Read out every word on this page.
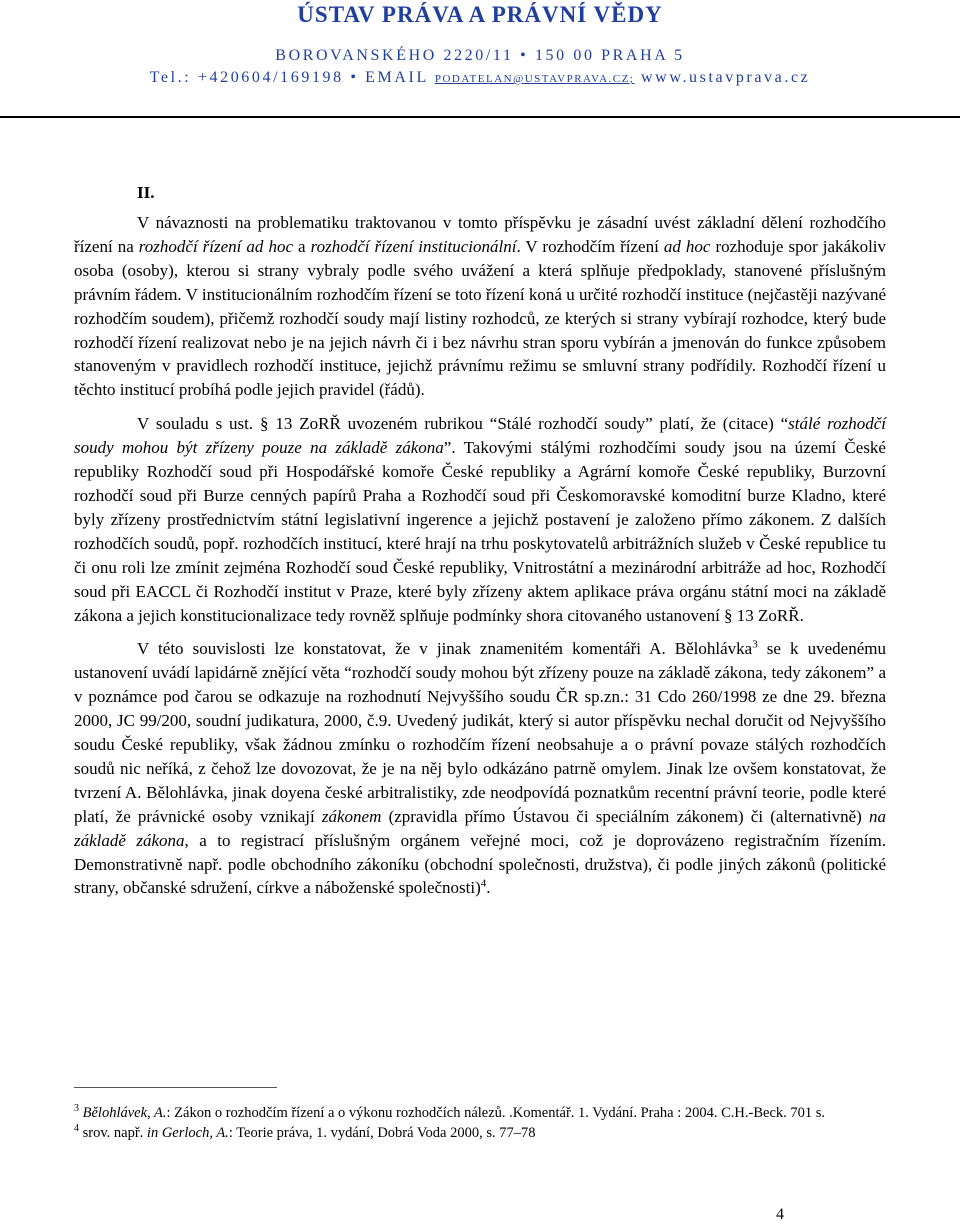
ÚSTAV PRÁVA A PRÁVNÍ VĚDY
BOROVANSKÉHO 2220/11 • 150 00 PRAHA 5
Tel.: +420604/169198 • EMAIL PODATELAN@USTAVPRAVA.CZ; www.ustavprava.cz
II.

V návaznosti na problematiku traktovanou v tomto příspěvku je zásadní uvést základní dělení rozhodčího řízení na rozhodčí řízení ad hoc a rozhodčí řízení institucionální. V rozhodčím řízení ad hoc rozhoduje spor jakákoliv osoba (osoby), kterou si strany vybraly podle svého uvážení a která splňuje předpoklady, stanovené příslušným právním řádem. V institucionálním rozhodčím řízení se toto řízení koná u určité rozhodčí instituce (nejčastěji nazývané rozhodčím soudem), přičemž rozhodčí soudy mají listiny rozhodců, ze kterých si strany vybírají rozhodce, který bude rozhodčí řízení realizovat nebo je na jejich návrh či i bez návrhu stran sporu vybírán a jmenován do funkce způsobem stanoveným v pravidlech rozhodčí instituce, jejichž právnímu režimu se smluvní strany podřídily. Rozhodčí řízení u těchto institucí probíhá podle jejich pravidel (řádů).

V souladu s ust. § 13 ZoRŘ uvozeném rubrikou “Stálé rozhodčí soudy” platí, že (citace) “stálé rozhodčí soudy mohou být zřízeny pouze na základě zákona”. Takovými stálými rozhodčími soudy jsou na území České republiky Rozhodčí soud při Hospodářské komoře České republiky a Agrární komoře České republiky, Burzovní rozhodčí soud při Burze cenných papírů Praha a Rozhodčí soud při Českomoravské komoditní burze Kladno, které byly zřízeny prostřednictvím státní legislativní ingerence a jejichž postavení je založeno přímo zákonem. Z dalších rozhodčích soudů, popř. rozhodčích institucí, které hrají na trhu poskytovatelů arbitrážních služeb v České republice tu či onu roli lze zmínit zejména Rozhodčí soud České republiky, Vnitrostátní a mezinárodní arbitráže ad hoc, Rozhodčí soud při EACCL či Rozhodčí institut v Praze, které byly zřízeny aktem aplikace práva orgánu státní moci na základě zákona a jejich konstitucionalizace tedy rovněž splňuje podmínky shora citovaného ustanovení § 13 ZoRŘ.

V této souvislosti lze konstatovat, že v jinak znamenitém komentáři A. Bělohlávka$^3$ se k uvedenému ustanovení uvádí lapidárně znějící věta “rozhodčí soudy mohou být zřízeny pouze na základě zákona, tedy zákonem” a v poznámce pod čarou se odkazuje na rozhodnutí Nejvyššího soudu ČR sp.zn.: 31 Cdo 260/1998 ze dne 29. března 2000, JC 99/200, soudní judikatura, 2000, č.9. Uvedený judikát, který si autor příspěvku nechal doručit od Nejvyššího soudu České republiky, však žádnou zmínku o rozhodčím řízení neobsahuje a o právní povaze stálých rozhodčích soudů nic neříká, z čehož lze dovozovat, že je na něj bylo odkázáno patrně omylem. Jinak lze ovšem konstatovat, že tvrzení A. Bělohlávka, jinak doyena české arbitralistiky, zde neodpovídá poznatkům recentní právní teorie, podle které platí, že právnické osoby vznikají zákonem (zpravidla přímo Ústavou či speciálním zákonem) či (alternativně) na základě zákona, a to registrací příslušným orgánem veřejné moci, což je doprovázeno registračním řízením. Demonstrativně např. podle obchodního zákoníku (obchodní společnosti, družstva), či podle jiných zákonů (politické strany, občanské sdružení, církve a náboženské společnosti)$^4$.

$^3$ Bělohlávek, A.: Zákon o rozhodčím řízení a o výkonu rozhodčích nálezů. .Komentář. 1. Vydání. Praha : 2004. C.H.-Beck. 701 s.

$^4$ srov. např. in Gerloch, A.: Teorie práva, 1. vydání, Dobrá Voda 2000, s. 77–78

4
